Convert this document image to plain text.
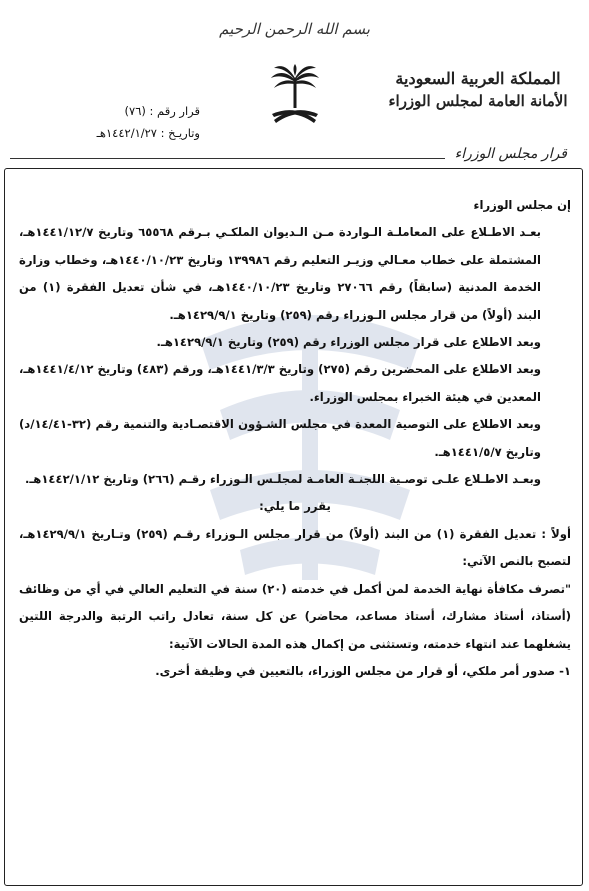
بسم الله الرحمن الرحيم
المملكة العربية السعودية
الأمانة العامة لمجلس الوزراء
قرار رقم : (٧٦)
وتاريـخ : ١٤٤٢/١/٢٧هـ
قرار مجلس الوزراء

إن مجلس الوزراء

بعـد الاطـلاع على المعاملـة الـواردة مـن الـديوان الملكـي بـرقم ٦٥٥٦٨ وتاريخ ١٤٤١/١٢/٧هـ، المشتملة على خطاب معـالي وزيـر التعليم رقم ١٣٩٩٨٦ وتاريخ ١٤٤٠/١٠/٢٣هـ، وخطاب وزارة الخدمة المدنية (سابقاً) رقم ٢٧٠٦٦ وتاريخ ١٤٤٠/١٠/٢٣هـ، في شأن تعديل الفقرة (١) من البند (أولاً) من قرار مجلس الـوزراء رقم (٢٥٩) وتاريخ ١٤٢٩/٩/١هـ.

وبعد الاطلاع على قرار مجلس الوزراء رقم (٢٥٩) وتاريخ ١٤٢٩/٩/١هـ.

وبعد الاطلاع على المحضرين رقم (٢٧٥) وتاريخ ١٤٤١/٣/٣هـ، ورقم (٤٨٣) وتاريخ ١٤٤١/٤/١٢هـ، المعدين في هيئة الخبراء بمجلس الوزراء.

وبعد الاطلاع على التوصية المعدة في مجلس الشـؤون الاقتصـادية والتنمية رقم (٣٢-١٤/٤١/د) وتاريخ ١٤٤١/٥/٧هـ.

وبعـد الاطـلاع علـى توصـية اللجنـة العامـة لمجلـس الـوزراء رقـم (٢٦٦) وتاريخ ١٤٤٢/١/١٢هـ.

يقرر ما يلي:

أولاً : تعديل الفقرة (١) من البند (أولاً) من قرار مجلس الـوزراء رقـم (٢٥٩) وتـاريخ ١٤٢٩/٩/١هـ، لتصبح بالنص الآتي:

"تصرف مكافأة نهاية الخدمة لمن أكمل في خدمته (٢٠) سنة في التعليم العالي في أي من وظائف (أستاذ، أستاذ مشارك، أستاذ مساعد، محاضر) عن كل سنة، تعادل راتب الرتبة والدرجة اللتين يشغلهما عند انتهاء خدمته، وتستثنى من إكمال هذه المدة الحالات الآتية:

١- صدور أمر ملكي، أو قرار من مجلس الوزراء، بالتعيين في وظيفة أخرى.
